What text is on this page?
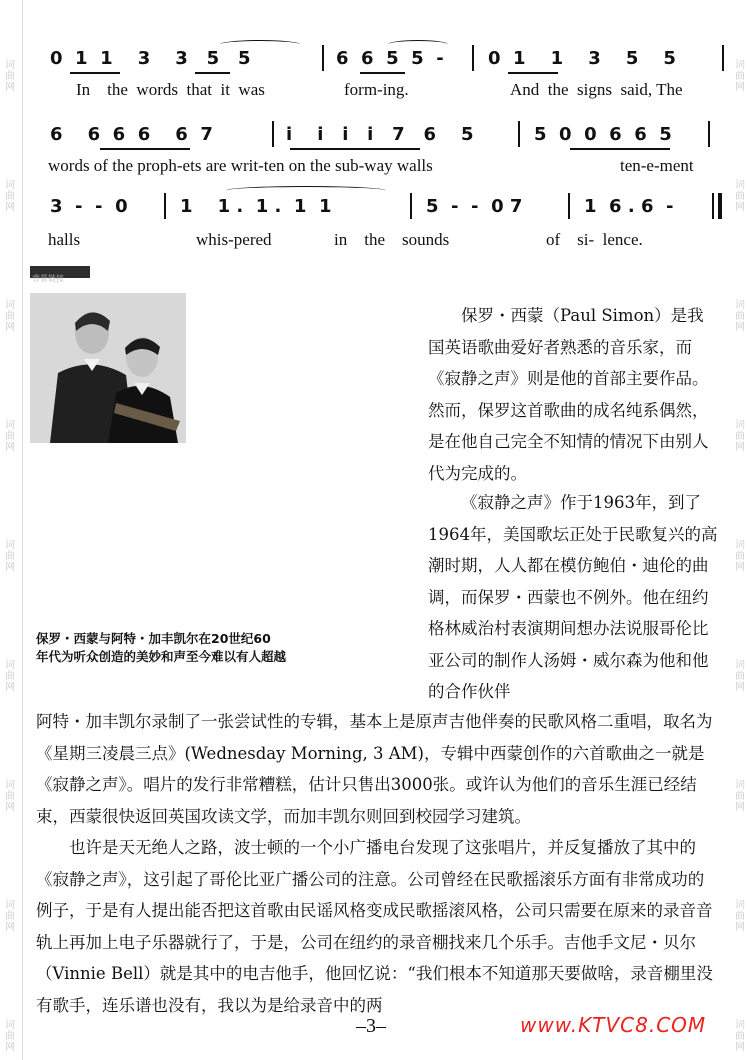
词
曲
网
词
曲
网
词
曲
网
词
曲
网
词
曲
网
词
曲
网
词
曲
网
词
曲
网
词
曲
网
词
曲
网
词
曲
网
词
曲
网
词
曲
网
词
曲
网
词
曲
网
词
曲
网
词
曲
网
词
曲
网
0  1  1    3    3   5   5	6  6  5  5  - 0  1    1    3    5    5
In    the  words  that  it  was	form-ing.	And  the  signs  said, The
6    6  6  6    6  7	i    i   i   i   7   6    5	5  0  0  6  6  5
words of the proph-ets are writ-ten on the sub-way walls	ten-e-ment
3  -  -  0	1    1 .  1 .  1  1	5  -  -  0 7	1  6 . 6  -
halls	whis-pered	in    the    sounds	of    si-  lence.
背景链接
保罗・西蒙与阿特・加丰凯尔在20世纪60
年代为听众创造的美妙和声至今难以有人超越
保罗・西蒙（Paul Simon）是我国英语歌曲爱好者熟悉的音乐家，而《寂静之声》则是他的首部主要作品。然而，保罗这首歌曲的成名纯系偶然，是在他自己完全不知情的情况下由别人代为完成的。
《寂静之声》作于1963年，到了1964年，美国歌坛正处于民歌复兴的高潮时期，人人都在模仿鲍伯・迪伦的曲调，而保罗・西蒙也不例外。他在纽约格林威治村表演期间想办法说服哥伦比亚公司的制作人汤姆・威尔森为他和他的合作伙伴
阿特・加丰凯尔录制了一张尝试性的专辑，基本上是原声吉他伴奏的民歌风格二重唱，取名为《星期三凌晨三点》(Wednesday Morning, 3 AM)，专辑中西蒙创作的六首歌曲之一就是《寂静之声》。唱片的发行非常糟糕，估计只售出3000张。或许认为他们的音乐生涯已经结束，西蒙很快返回英国攻读文学，而加丰凯尔则回到校园学习建筑。
也许是天无绝人之路，波士顿的一个小广播电台发现了这张唱片，并反复播放了其中的《寂静之声》，这引起了哥伦比亚广播公司的注意。公司曾经在民歌摇滚乐方面有非常成功的例子，于是有人提出能否把这首歌由民谣风格变成民歌摇滚风格，公司只需要在原来的录音音轨上再加上电子乐器就行了，于是，公司在纽约的录音棚找来几个乐手。吉他手文尼・贝尔（Vinnie Bell）就是其中的电吉他手，他回忆说：“我们根本不知道那天要做啥，录音棚里没有歌手，连乐谱也没有，我以为是给录音中的两
–3–	www.KTVC8.COM
